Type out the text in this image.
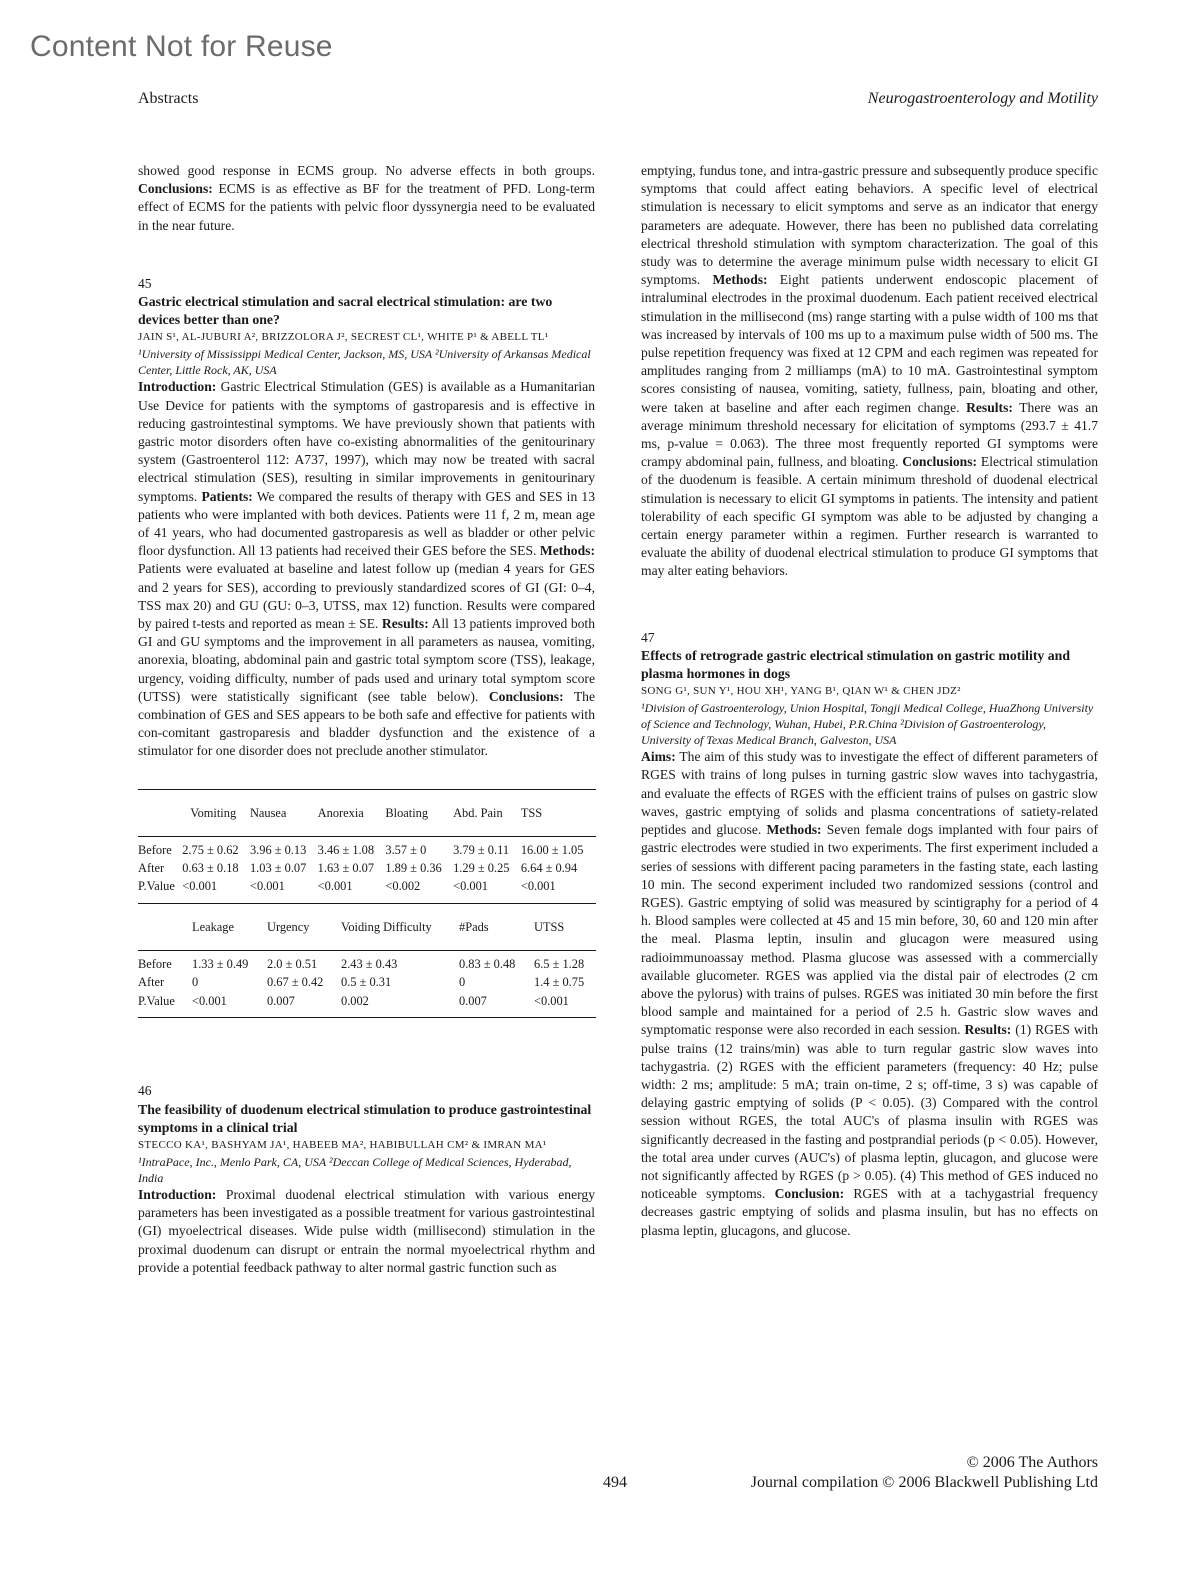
Content Not for Reuse
Abstracts	Neurogastroenterology and Motility

showed good response in ECMS group. No adverse effects in both groups. Conclusions: ECMS is as effective as BF for the treatment of PFD. Long-term effect of ECMS for the patients with pelvic floor dyssynergia need to be evaluated in the near future.

45

Gastric electrical stimulation and sacral electrical stimulation: are two devices better than one?

JAIN S¹, AL-JUBURI A², BRIZZOLORA J², SECREST CL¹, WHITE P¹ & ABELL TL¹

¹University of Mississippi Medical Center, Jackson, MS, USA ²University of Arkansas Medical Center, Little Rock, AK, USA

Introduction: Gastric Electrical Stimulation (GES) is available as a Humanitarian Use Device for patients with the symptoms of gastroparesis and is effective in reducing gastrointestinal symptoms. We have previously shown that patients with gastric motor disorders often have co-existing abnormalities of the genitourinary system (Gastroenterol 112: A737, 1997), which may now be treated with sacral electrical stimulation (SES), resulting in similar improvements in genitourinary symptoms. Patients: We compared the results of therapy with GES and SES in 13 patients who were implanted with both devices. Patients were 11 f, 2 m, mean age of 41 years, who had documented gastroparesis as well as bladder or other pelvic floor dysfunction. All 13 patients had received their GES before the SES. Methods: Patients were evaluated at baseline and latest follow up (median 4 years for GES and 2 years for SES), according to previously standardized scores of GI (GI: 0–4, TSS max 20) and GU (GU: 0–3, UTSS, max 12) function. Results were compared by paired t-tests and reported as mean ± SE. Results: All 13 patients improved both GI and GU symptoms and the improvement in all parameters as nausea, vomiting, anorexia, bloating, abdominal pain and gastric total symptom score (TSS), leakage, urgency, voiding difficulty, number of pads used and urinary total symptom score (UTSS) were statistically significant (see table below). Conclusions: The combination of GES and SES appears to be both safe and effective for patients with con-comitant gastroparesis and bladder dysfunction and the existence of a stimulator for one disorder does not preclude another stimulator.

	Vomiting	Nausea	Anorexia	Bloating	Abd. Pain	TSS

Before	2.75 ± 0.62	3.96 ± 0.13	3.46 ± 1.08	3.57 ± 0	3.79 ± 0.11	16.00 ± 1.05
After	0.63 ± 0.18	1.03 ± 0.07	1.63 ± 0.07	1.89 ± 0.36	1.29 ± 0.25	6.64 ± 0.94
P.Value	<0.001	<0.001	<0.001	<0.002	<0.001	<0.001

	Leakage	Urgency	Voiding Difficulty	#Pads	UTSS

Before	1.33 ± 0.49	2.0 ± 0.51	2.43 ± 0.43	0.83 ± 0.48	6.5 ± 1.28
After	0	0.67 ± 0.42	0.5 ± 0.31	0	1.4 ± 0.75
P.Value	<0.001	0.007	0.002	0.007	<0.001

46

The feasibility of duodenum electrical stimulation to produce gastrointestinal symptoms in a clinical trial

STECCO KA¹, BASHYAM JA¹, HABEEB MA², HABIBULLAH CM² & IMRAN MA¹

¹IntraPace, Inc., Menlo Park, CA, USA ²Deccan College of Medical Sciences, Hyderabad, India

Introduction: Proximal duodenal electrical stimulation with various energy parameters has been investigated as a possible treatment for various gastrointestinal (GI) myoelectrical diseases. Wide pulse width (millisecond) stimulation in the proximal duodenum can disrupt or entrain the normal myoelectrical rhythm and provide a potential feedback pathway to alter normal gastric function such as

emptying, fundus tone, and intra-gastric pressure and subsequently produce specific symptoms that could affect eating behaviors. A specific level of electrical stimulation is necessary to elicit symptoms and serve as an indicator that energy parameters are adequate. However, there has been no published data correlating electrical threshold stimulation with symptom characterization. The goal of this study was to determine the average minimum pulse width necessary to elicit GI symptoms. Methods: Eight patients underwent endoscopic placement of intraluminal electrodes in the proximal duodenum. Each patient received electrical stimulation in the millisecond (ms) range starting with a pulse width of 100 ms that was increased by intervals of 100 ms up to a maximum pulse width of 500 ms. The pulse repetition frequency was fixed at 12 CPM and each regimen was repeated for amplitudes ranging from 2 milliamps (mA) to 10 mA. Gastrointestinal symptom scores consisting of nausea, vomiting, satiety, fullness, pain, bloating and other, were taken at baseline and after each regimen change. Results: There was an average minimum threshold necessary for elicitation of symptoms (293.7 ± 41.7 ms, p-value = 0.063). The three most frequently reported GI symptoms were crampy abdominal pain, fullness, and bloating. Conclusions: Electrical stimulation of the duodenum is feasible. A certain minimum threshold of duodenal electrical stimulation is necessary to elicit GI symptoms in patients. The intensity and patient tolerability of each specific GI symptom was able to be adjusted by changing a certain energy parameter within a regimen. Further research is warranted to evaluate the ability of duodenal electrical stimulation to produce GI symptoms that may alter eating behaviors.

47

Effects of retrograde gastric electrical stimulation on gastric motility and plasma hormones in dogs

SONG G¹, SUN Y¹, HOU XH¹, YANG B¹, QIAN W¹ & CHEN JDZ²

¹Division of Gastroenterology, Union Hospital, Tongji Medical College, HuaZhong University of Science and Technology, Wuhan, Hubei, P.R.China ²Division of Gastroenterology, University of Texas Medical Branch, Galveston, USA

Aims: The aim of this study was to investigate the effect of different parameters of RGES with trains of long pulses in turning gastric slow waves into tachygastria, and evaluate the effects of RGES with the efficient trains of pulses on gastric slow waves, gastric emptying of solids and plasma concentrations of satiety-related peptides and glucose. Methods: Seven female dogs implanted with four pairs of gastric electrodes were studied in two experiments. The first experiment included a series of sessions with different pacing parameters in the fasting state, each lasting 10 min. The second experiment included two randomized sessions (control and RGES). Gastric emptying of solid was measured by scintigraphy for a period of 4 h. Blood samples were collected at 45 and 15 min before, 30, 60 and 120 min after the meal. Plasma leptin, insulin and glucagon were measured using radioimmunoassay method. Plasma glucose was assessed with a commercially available glucometer. RGES was applied via the distal pair of electrodes (2 cm above the pylorus) with trains of pulses. RGES was initiated 30 min before the first blood sample and maintained for a period of 2.5 h. Gastric slow waves and symptomatic response were also recorded in each session. Results: (1) RGES with pulse trains (12 trains/min) was able to turn regular gastric slow waves into tachygastria. (2) RGES with the efficient parameters (frequency: 40 Hz; pulse width: 2 ms; amplitude: 5 mA; train on-time, 2 s; off-time, 3 s) was capable of delaying gastric emptying of solids (P < 0.05). (3) Compared with the control session without RGES, the total AUC's of plasma insulin with RGES was significantly decreased in the fasting and postprandial periods (p < 0.05). However, the total area under curves (AUC's) of plasma leptin, glucagon, and glucose were not significantly affected by RGES (p > 0.05). (4) This method of GES induced no noticeable symptoms. Conclusion: RGES with at a tachygastrial frequency decreases gastric emptying of solids and plasma insulin, but has no effects on plasma leptin, glucagons, and glucose.

494
© 2006 The Authors
Journal compilation © 2006 Blackwell Publishing Ltd
